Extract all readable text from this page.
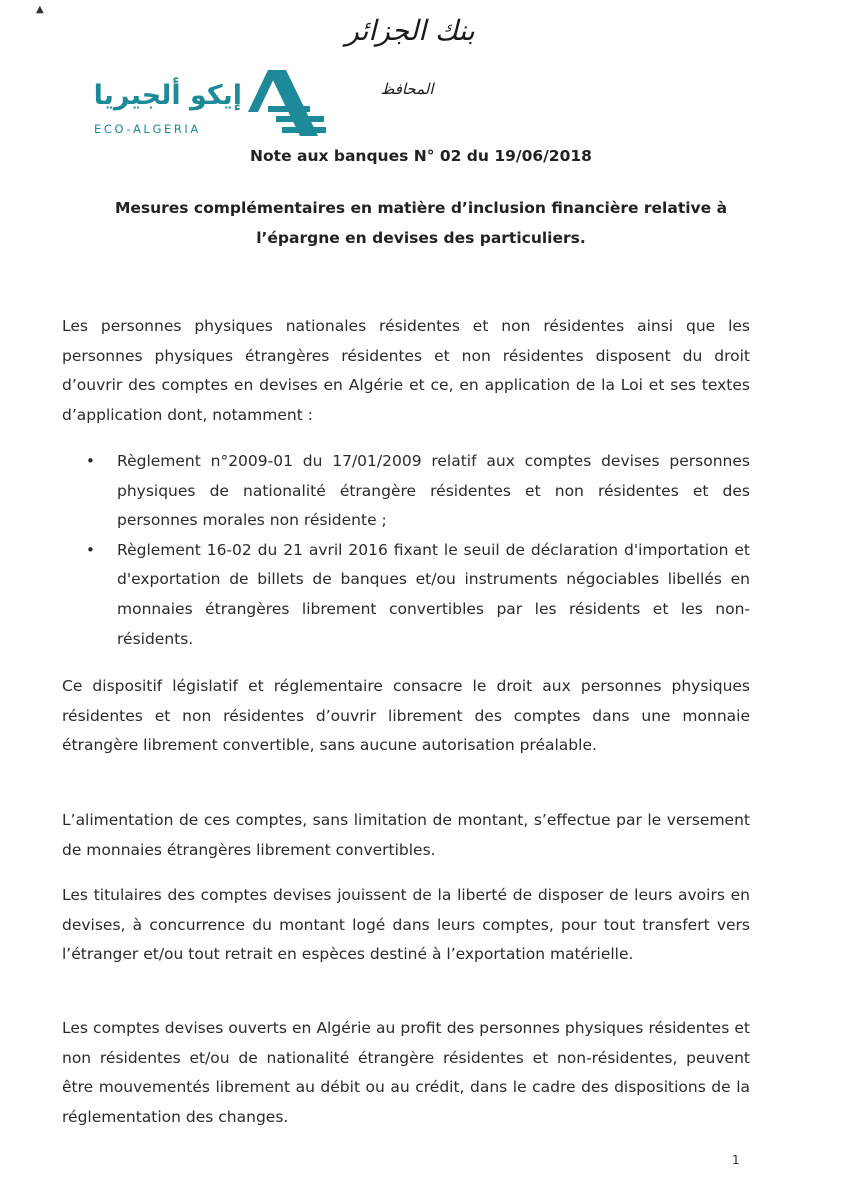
▲
بنك الجزائر
المحافظ
إيكو ألجيريا
ECO-ALGERIA
Note aux banques N° 02 du 19/06/2018
Mesures complémentaires en matière d’inclusion financière relative à
l’épargne en devises des particuliers.

Les personnes physiques nationales résidentes et non résidentes ainsi que les personnes physiques étrangères résidentes et non résidentes disposent du droit d’ouvrir des comptes en devises en Algérie et ce, en application de la Loi et ses textes d’application dont, notamment :

• Règlement n°2009-01 du 17/01/2009 relatif aux comptes devises personnes physiques de nationalité étrangère résidentes et non résidentes et des personnes morales non résidente ;
• Règlement 16-02 du 21 avril 2016 fixant le seuil de déclaration d'importation et d'exportation de billets de banques et/ou instruments négociables libellés en monnaies étrangères librement convertibles par les résidents et les non-résidents.

Ce dispositif législatif et réglementaire consacre le droit aux personnes physiques résidentes et non résidentes d’ouvrir librement des comptes dans une monnaie étrangère librement convertible, sans aucune autorisation préalable.

L’alimentation de ces comptes, sans limitation de montant, s’effectue par le versement de monnaies étrangères librement convertibles.

Les titulaires des comptes devises jouissent de la liberté de disposer de leurs avoirs en devises, à concurrence du montant logé dans leurs comptes, pour tout transfert vers l’étranger et/ou tout retrait en espèces destiné à l’exportation matérielle.

Les comptes devises ouverts en Algérie au profit des personnes physiques résidentes et non résidentes et/ou de nationalité étrangère résidentes et non-résidentes, peuvent être mouvementés librement au débit ou au crédit, dans le cadre des dispositions de la réglementation des changes.

1
